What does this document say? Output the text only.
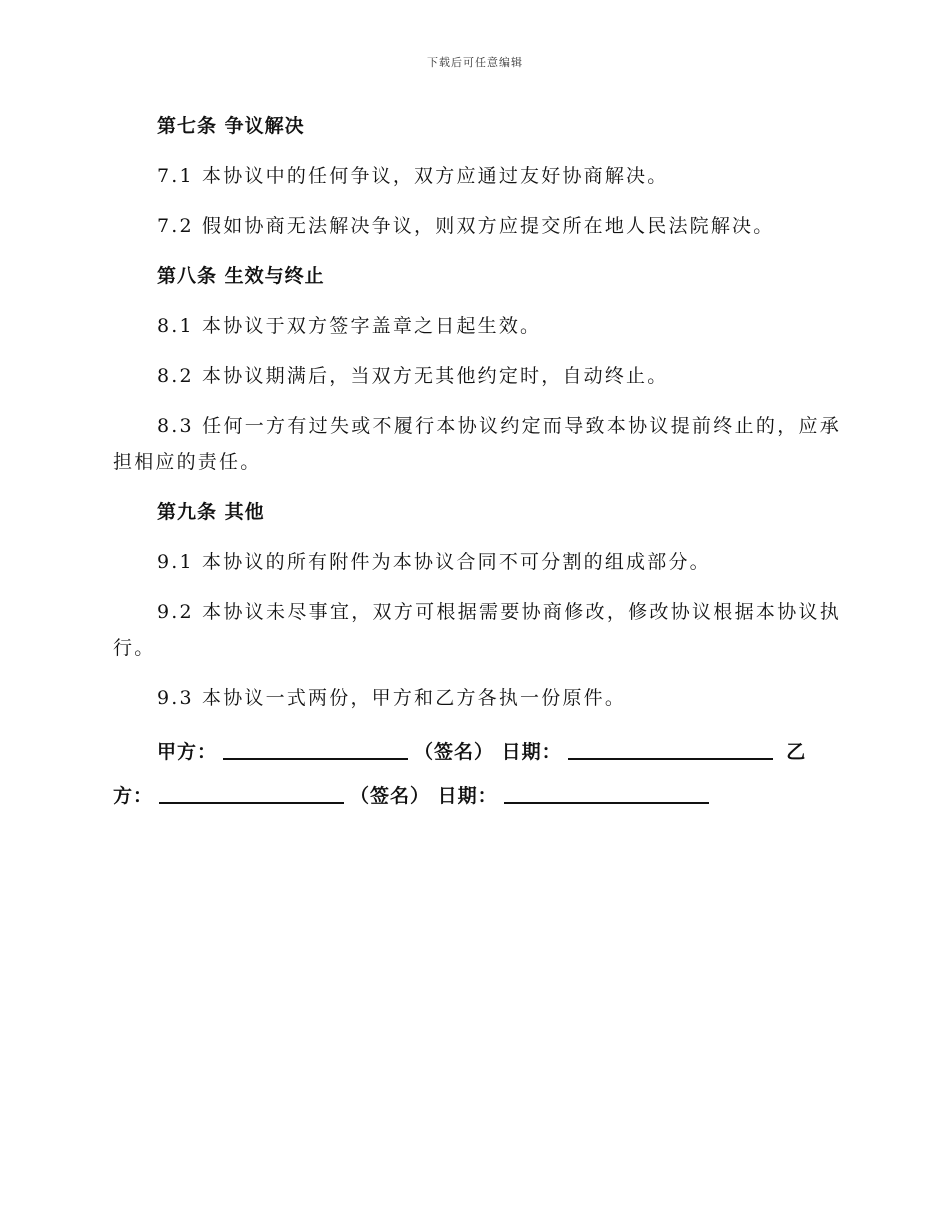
下载后可任意编辑
第七条 争议解决

7.1 本协议中的任何争议，双方应通过友好协商解决。

7.2 假如协商无法解决争议，则双方应提交所在地人民法院解决。

第八条 生效与终止

8.1 本协议于双方签字盖章之日起生效。

8.2 本协议期满后，当双方无其他约定时，自动终止。

8.3 任何一方有过失或不履行本协议约定而导致本协议提前终止的，应承担相应的责任。

第九条 其他

9.1 本协议的所有附件为本协议合同不可分割的组成部分。

9.2 本协议未尽事宜，双方可根据需要协商修改，修改协议根据本协议执行。

9.3 本协议一式两份，甲方和乙方各执一份原件。

甲方：	（签名） 日期：	乙方：	（签名） 日期：
